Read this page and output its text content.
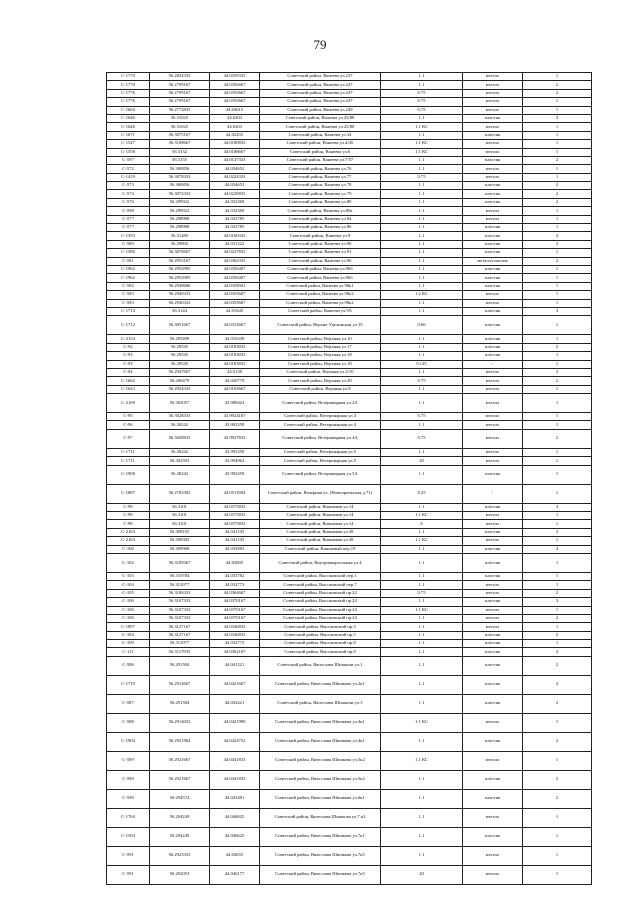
79
С-1770	56.2824333	44.0359333	Советский район, Ванеева ул.237	1.1	металл	1
С-1770	56.2799167	44.0356667	Советский район, Ванеева ул.247	1.1	металл	2
С-1776	56.2799167	44.0355667	Советский район, Ванеева ул.247	0.75	металл	2
С-1776	56.2799167	44.0355667	Советский район, Ванеева ул.247	0.75	металл	1
С-1604	56.2772833	44.03615	Советский район, Ванеева ул.249	0.75	металл	1
С-1646	56.31025	44.0203	Советский район, Ванеева ул.25/88	1.1	пластик	3
С-1646	56.31025	44.0203	Советский район, Ванеева ул.25/88	1.1 КС	металл	1
С-1671	56.3075167	44.02455	Советский район, Ванеева ул.34	1.1	пластик	1
С-1547	56.3108667	44.0180833	Советский район, Ванеева ул.4/45	1.1 КС	металл	1
С-1558	56.3132	44.0188667	Советский район, Ванеева ул.6	1.1 КС	металл	1
С-597	56.3155	44.0147333	Советский район, Ванеева ул.7/57	1.1	пластик	2
С-572	56.300856	44.034652	Советский район, Ванеева ул.76	1.1	металл	1
С-1419	56.3078333	44.0224333	Советский район, Ванеева ул.77	0.75	металл	1
С-573	56.300856	44.034652	Советский район, Ванеева ул.78	1.1	пластик	2
С-574	56.3072333	44.0220833	Советский район, Ванеева ул.79	1.1	пластик	2
С-576	56.299922	44.032369	Советский район, Ванеева ул.80	1.1	пластик	2
С-598	56.299922	44.032369	Советский район, Ванеева ул.80а	1.1	металл	1
С-577	56.298988	44.032785	Советский район, Ванеева ул.84	1.1	металл	1
С-577	56.298988	44.032785	Советский район, Ванеева ул.86	1.1	пластик	1
С-1593	56.31485	44.0160333	Советский район, Ванеева ул.9	1.1	пластик	2
С-580	56.29802	44.031222	Советский район, Ванеева ул.90	1.1	пластик	2
С-1586	56.3076667	44.0237833	Советский район, Ванеева ул.91	1.1	пластик	1
С-581	56.2953167	44.0362333	Советский район, Ванеева ул.96	1.1	металл/пластик	2
С-1962	56.2952995	44.0356407	Советский район, Ванеева ул.96б	1.1	пластик	1
С-1962	56.2952995	44.0356407	Советский район, Ванеева ул.96б	1.1	пластик	1
С-582	56.2949686	44.0358941	Советский район, Ванеева ул.98к1	1.1	пластик	1
С-583	56.2940333	44.0355667	Советский район, Ванеева ул.98к2	1.2 КС	металл	1
С-583	56.2940333	44.0355667	Советский район, Ванеева ул.98к2	1.1	металл	1
С-1714	56.3144	44.01645	Советский район, Ванеева ул.9А	1.1	пластик	3
С-1712	56.3051667	44.0312667	Советский район, Верхне-Уделинская ул.35	0.66	пластик	1
С-2154	56.295499	44.016349	Советский район, Верхняя ул.10	1.1	пластик	1
С-92	56.29545	44.0183833	Советский район, Верхняя ул.17	1.1	пластик	2
С-93	56.29545	44.0183833	Советский район, Верхняя ул.18	1.1	пластик	1
С-93	56.29545	44.0183833	Советский район, Верхняя ул.18	0.125	-	1
С-94	56.2947667	44.0138	Советский район, Верхняя ул.2/10	1.1	металл	2
С-1662	56.296479	44.020779	Советский район, Верхняя ул.20	0.75	металл	2
С-1623	56.2954333	44.0163667	Советский район, Верхняя ул.8	1.1	металл	1
С-2109	56.302057	43.989423	Советский район, Ветеринарная ул.2А	1.1	металл	1
С-95	56.3028333	43.9924167	Советский район, Ветеринарная ул.3	0.75	металл	1
С-96	56.30242	43.992358	Советский район, Ветеринарная ул.4	1.1	металл	1
С-97	56.3028833	43.9927833	Советский район, Ветеринарная ул.4А	0.75	металл	2
С-1711	56.30242	43.992358	Советский район, Ветеринарная ул.5	1.1	металл	1
С-1711	56.302503	43.994962	Советский район, Ветеринарная ул.5	20	металл	1
С-1908	56.30242	43.992358	Советский район, Ветеринарная ул.5А	1.1	пластик	1
С-1887	56.2703302	44.0511804	Советский район, Вечерняя ул. (Новоприокская д.71)	0.25	-	1
С-99	56.3101	44.0375833	Советский район, Вишневая ул.14	1.1	пластик	4
С-99	56.3101	44.0375833	Советский район, Вишневая ул.14	1.1 КС	металл	1
С-99	56.3101	44.0375833	Советский район, Вишневая ул.14	8	металл	1
С-2163	56.308105	44.041193	Советский район, Вишневая ул.38	1.1	пластик	2
С-2163	56.308305	44.041193	Советский район, Вишневая ул.38	1.1 КС	металл	1
С-100	56.309968	44.032983	Советский район, Вишневый пер.19	1.1	пластик	4
С-102	56.3109367	44.02805	Советский район, Внутриквартальная ул.4	1.1	пластик	1
С-103	56.310784	44.033782	Советский район, Высоковский пер.1	1.1	пластик	1
С-104	56.312977	44.032773	Советский район, Высоковский пер.7	1.1	металл	1
С-105	56.3106333	44.0364667	Советский район, Высоковский пр.22	0.75	металл	2
С-106	56.3107333	44.0370167	Советский район, Высоковский пр.24	1.1	пластик	3
С-106	56.3107333	44.0370167	Советский район, Высоковский пр.24	1.1 КС	металл	1
С-106	56.3107333	44.0370167	Советский район, Высоковский пр.24	1.1	металл	2
С-1897	56.3127167	44.0346833	Советский район, Высоковский пр.3	1.1	металл	1
С-184	56.3127167	44.0346833	Советский район, Высоковский пр.5	1.1	пластик	2
С-109	56.312977	44.032773	Советский район, Высоковский пр.8	1.1	пластик	1
С-111	56.3117833	44.0362167	Советский район, Высоковский пр.9	1.1	пластик	2
С-586	56.291584	44.041221	Советский район, Вячеслава Шишкова ул.1	1.1	пластик	2
С-1719	56.2914667	44.0421667	Советский район, Вячеслава Шишкова ул.2к1	1.1	пластик	2
С-587	56.291584	44.043221	Советский район, Вячеслава Шишкова ул.3	1.1	пластик	2
С-588	56.2914033	44.0421989	Советский район, Вячеслава Шишкова ул.4к1	1.1 КС	металл	1
С-1904	56.2921864	44.0424752	Советский район, Вячеслава Шишкова ул.4к1	1.1	пластик	2
С-589	56.2921667	44.0441833	Советский район, Вячеслава Шишкова ул.5к2	1.1 КС	металл	1
С-589	56.2921667	44.0441833	Советский район, Вячеслава Шишкова ул.5к2	1.1	пластик	2
С-590	56.294574	44.043481	Советский район, Вячеслава Шишкова ул.6к1	1.1	пластик	2
С-1764	56.294249	44.046625	Советский район, Вячеслава Шишкова ул.7 к2	1.1	металл	1
С-1504	56.294249	44.046625	Советский район, Вячеслава Шишкова ул.7к1	1.1	пластик	1
С-591	56.2923333	44.04655	Советский район, Вячеслава Шишкова ул.7к5	1.1	металл	1
С-591	56.292053	44.046177	Советский район, Вячеслава Шишкова ул.7к5	20	металл	1
